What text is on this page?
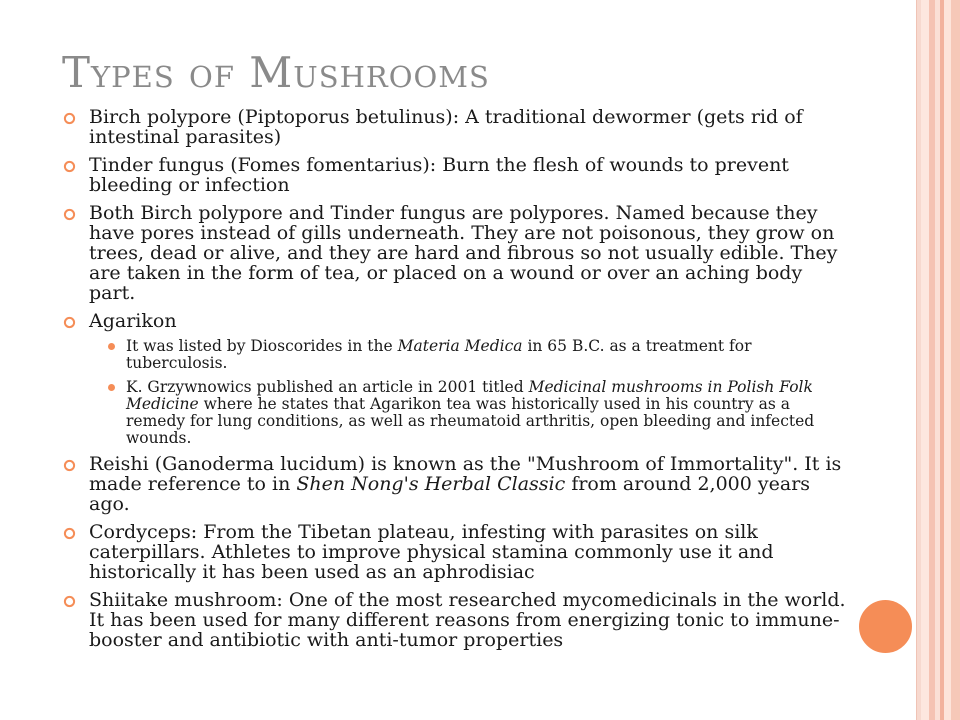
Types of Mushrooms
Birch polypore (Piptoporus betulinus): A traditional dewormer (gets rid of intestinal parasites)
Tinder fungus (Fomes fomentarius): Burn the flesh of wounds to prevent bleeding or infection
Both Birch polypore and Tinder fungus are polypores. Named because they have pores instead of gills underneath. They are not poisonous, they grow on trees, dead or alive, and they are hard and fibrous so not usually edible. They are taken in the form of tea, or placed on a wound or over an aching body part.
Agarikon
It was listed by Dioscorides in the Materia Medica in 65 B.C. as a treatment for tuberculosis.
K. Grzywnowics published an article in 2001 titled Medicinal mushrooms in Polish Folk Medicine where he states that Agarikon tea was historically used in his country as a remedy for lung conditions, as well as rheumatoid arthritis, open bleeding and infected wounds.
Reishi (Ganoderma lucidum) is known as the "Mushroom of Immortality". It is made reference to in Shen Nong's Herbal Classic from around 2,000 years ago.
Cordyceps: From the Tibetan plateau, infesting with parasites on silk caterpillars. Athletes to improve physical stamina commonly use it and historically it has been used as an aphrodisiac
Shiitake mushroom: One of the most researched mycomedicinals in the world. It has been used for many different reasons from energizing tonic to immune-booster and antibiotic with anti-tumor properties
